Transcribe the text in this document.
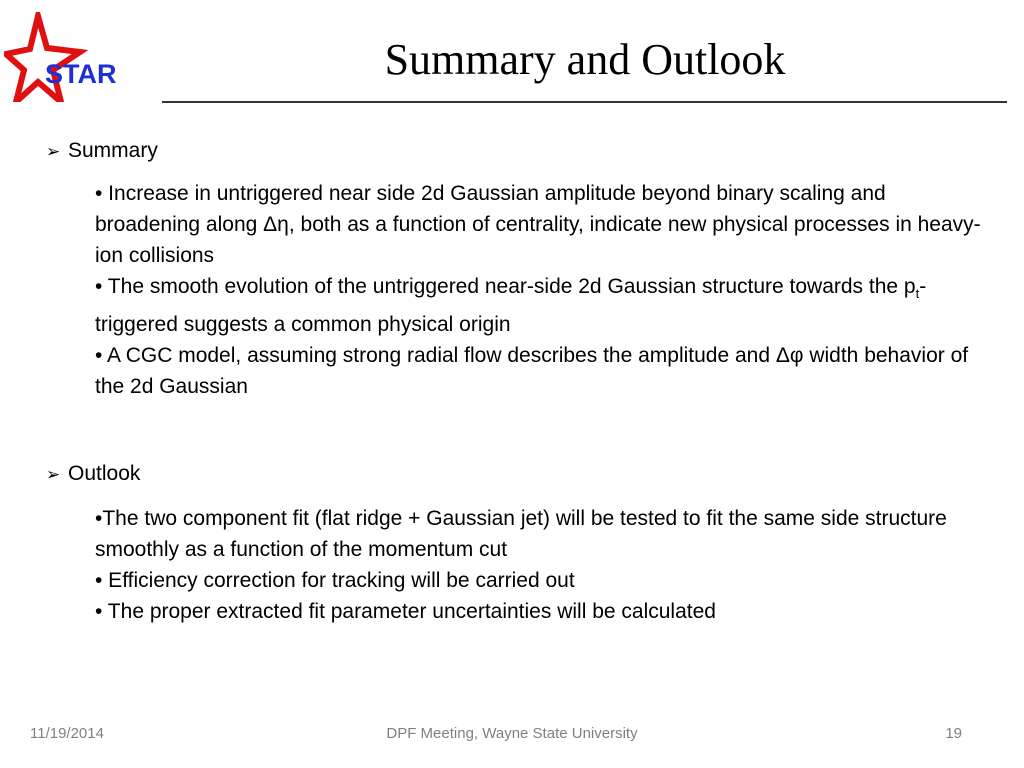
STAR	Summary and Outlook
➢ Summary

• Increase in untriggered near side 2d Gaussian amplitude beyond binary scaling and broadening along Δη, both as a function of centrality, indicate new physical processes in heavy-ion collisions

• The smooth evolution of the untriggered near-side 2d Gaussian structure towards the $p_t$-triggered suggests a common physical origin

• A CGC model, assuming strong radial flow describes the amplitude and Δφ width behavior of the 2d Gaussian

➢ Outlook

•The two component fit (flat ridge + Gaussian jet) will be tested to fit the same side structure smoothly as a function of the momentum cut

• Efficiency correction for tracking will be carried out

• The proper extracted fit parameter uncertainties will be calculated

11/19/2014	DPF Meeting, Wayne State University	19
